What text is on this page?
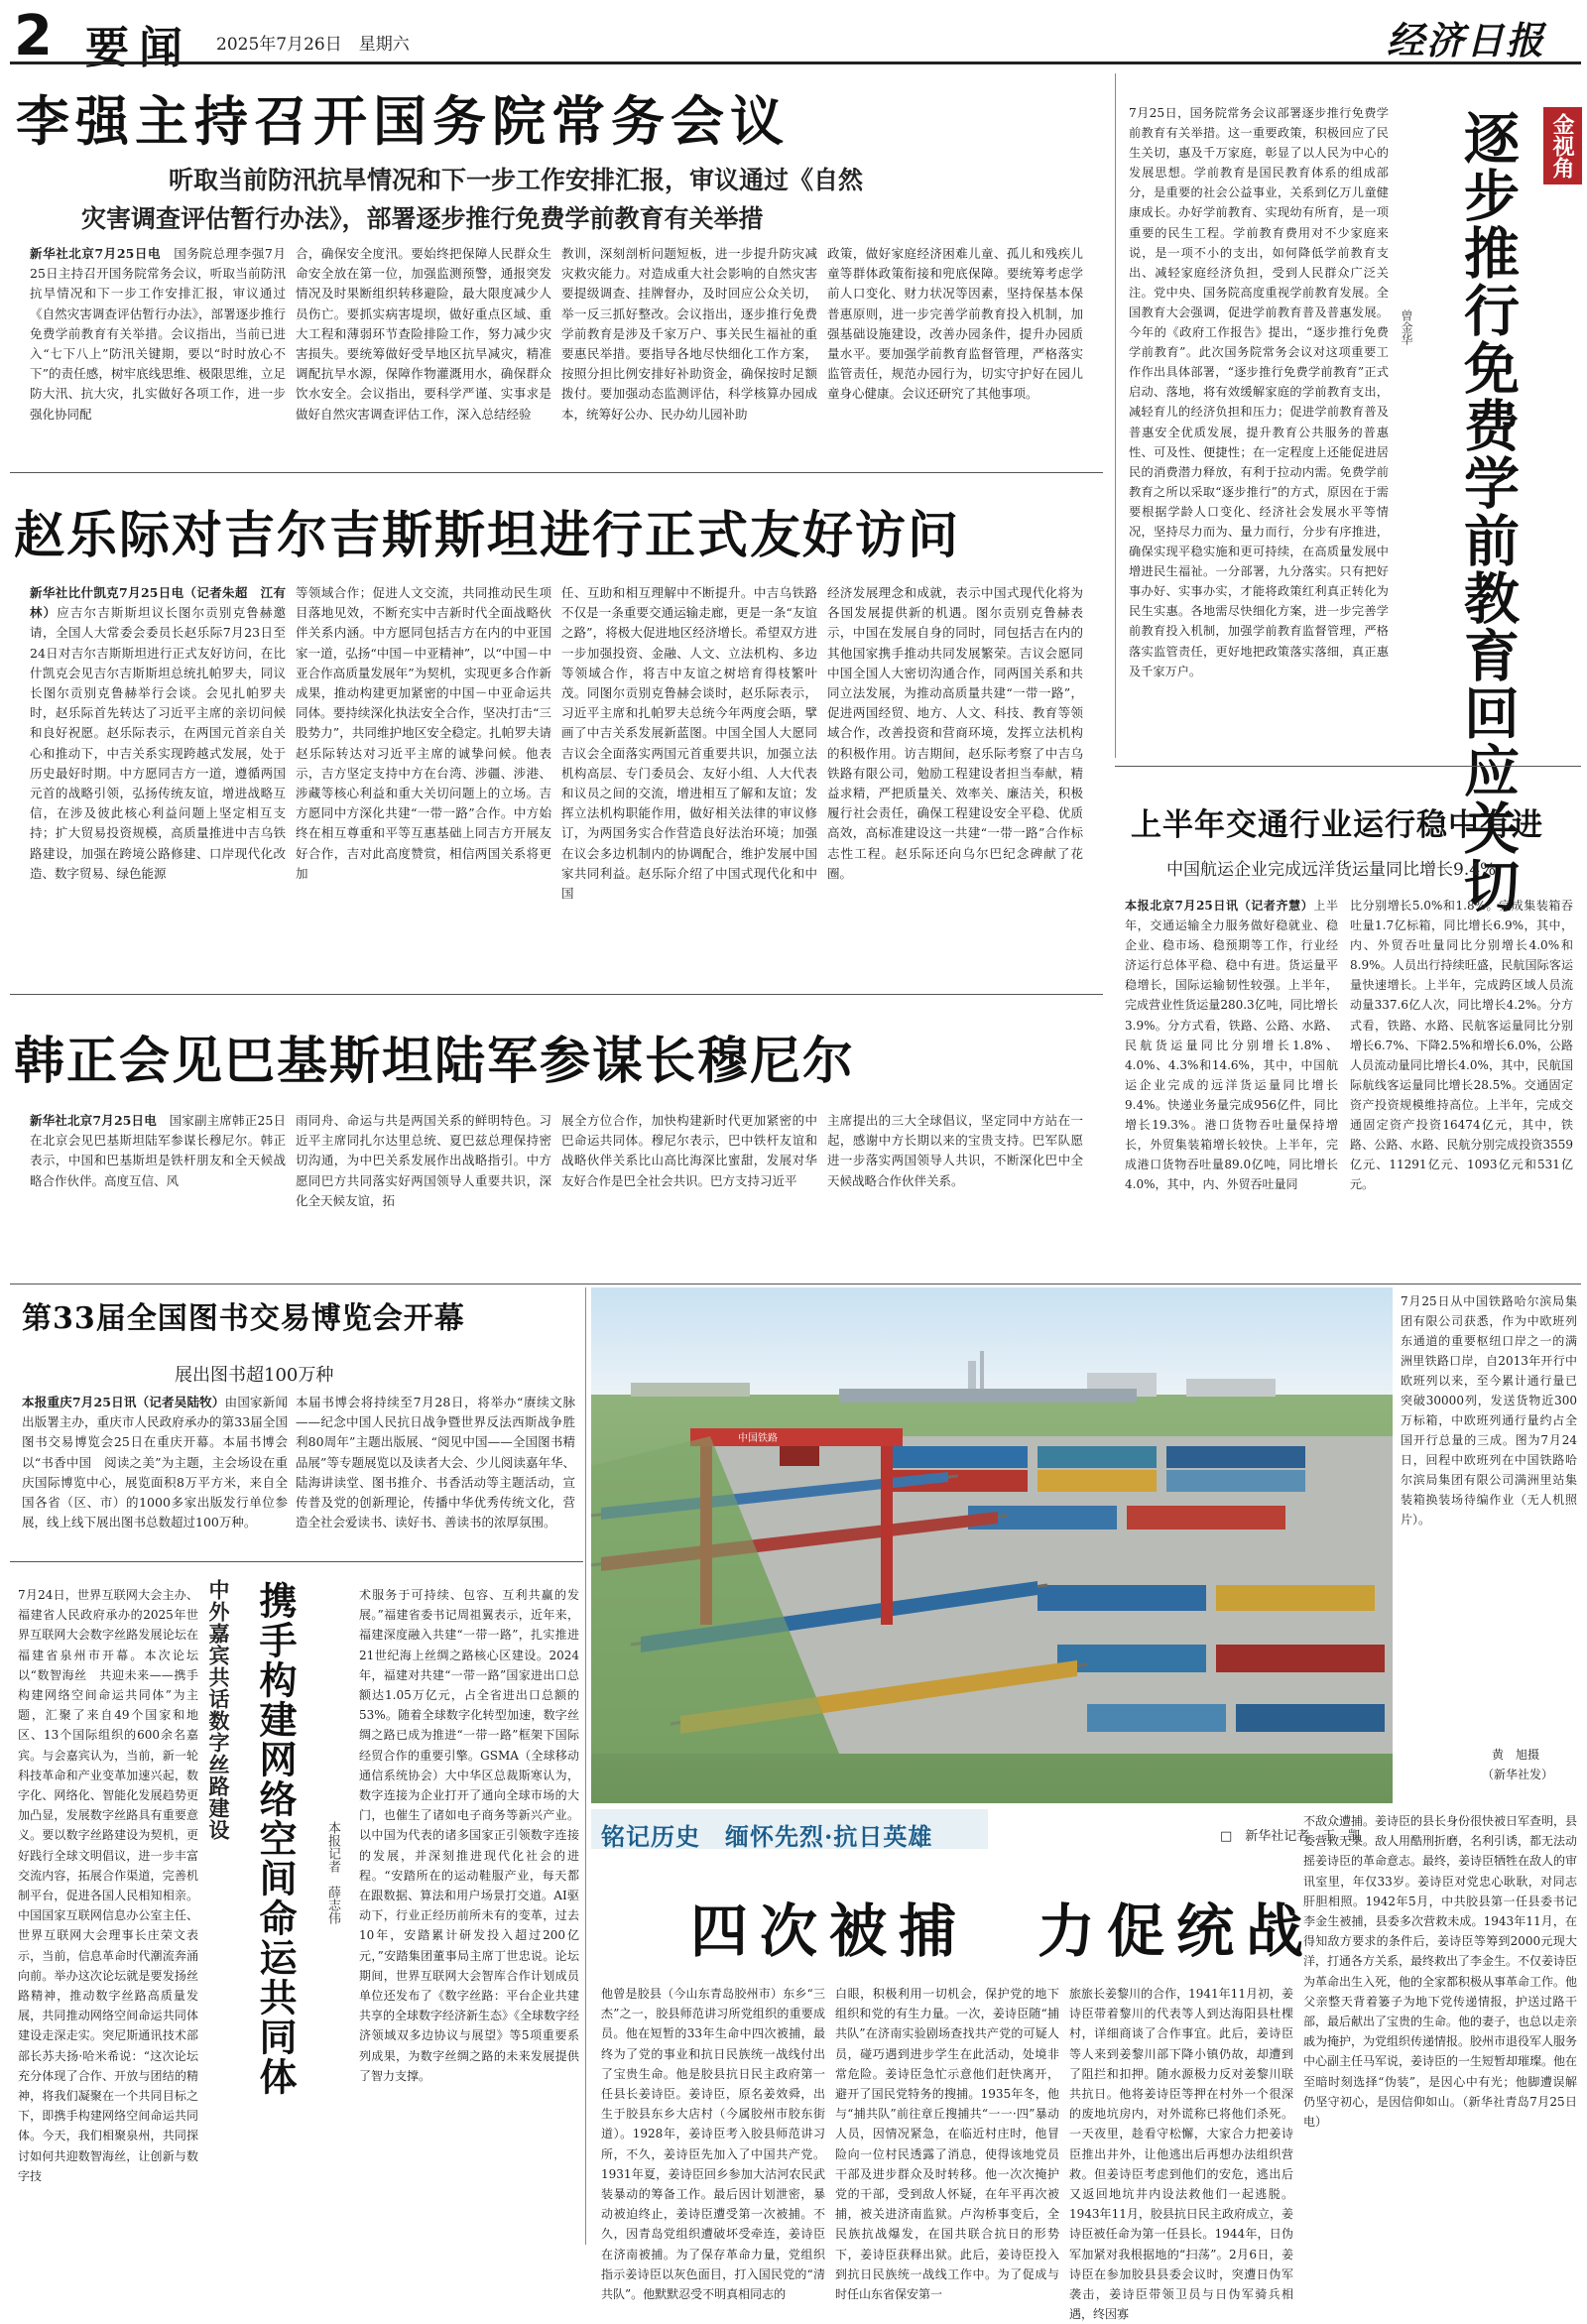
2 要闻 2025年7月26日　星期六	经济日报
李强主持召开国务院常务会议
听取当前防汛抗旱情况和下一步工作安排汇报，审议通过《自然
灾害调查评估暂行办法》，部署逐步推行免费学前教育有关举措
新华社北京7月25日电　 国务院总理李强7月25日主持召开国务院常务会议，听取当前防汛抗旱情况和下一步工作安排汇报，审议通过《自然灾害调查评估暂行办法》，部署逐步推行免费学前教育有关举措。会议指出，当前已进入“七下八上”防汛关键期，要以“时时放心不下”的责任感，树牢底线思维、极限思维，立足防大汛、抗大灾，扎实做好各项工作，进一步强化协同配
合，确保安全度汛。要始终把保障人民群众生命安全放在第一位，加强监测预警，通报突发情况及时果断组织转移避险，最大限度减少人员伤亡。要抓实病害堤坝，做好重点区域、重大工程和薄弱环节查险排险工作，努力减少灾害损失。要统筹做好受旱地区抗旱减灾，精准调配抗旱水源，保障作物灌溉用水，确保群众饮水安全。会议指出，要科学严谨、实事求是做好自然灾害调查评估工作，深入总结经验
教训，深刻剖析问题短板，进一步提升防灾减灾救灾能力。对造成重大社会影响的自然灾害要提级调查、挂牌督办，及时回应公众关切，举一反三抓好整改。会议指出，逐步推行免费学前教育是涉及千家万户、事关民生福祉的重要惠民举措。要指导各地尽快细化工作方案，按照分担比例安排好补助资金，确保按时足额拨付。要加强动态监测评估，科学核算办园成本，统筹好公办、民办幼儿园补助
政策，做好家庭经济困难儿童、孤儿和残疾儿童等群体政策衔接和兜底保障。要统筹考虑学前人口变化、财力状况等因素，坚持保基本保普惠原则，进一步完善学前教育投入机制，加强基础设施建设，改善办园条件，提升办园质量水平。要加强学前教育监督管理，严格落实监管责任，规范办园行为，切实守护好在园儿童身心健康。会议还研究了其他事项。
赵乐际对吉尔吉斯斯坦进行正式友好访问
新华社比什凯克7月25日电（记者朱超　江有林）应吉尔吉斯斯坦议长图尔贡别克鲁赫邀请，全国人大常委会委员长赵乐际7月23日至24日对吉尔吉斯斯坦进行正式友好访问，在比什凯克会见吉尔吉斯斯坦总统扎帕罗夫，同议长图尔贡别克鲁赫举行会谈。会见扎帕罗夫时，赵乐际首先转达了习近平主席的亲切问候和良好祝愿。赵乐际表示，在两国元首亲自关心和推动下，中吉关系实现跨越式发展，处于历史最好时期。中方愿同吉方一道，遵循两国元首的战略引领，弘扬传统友谊，增进战略互信，在涉及彼此核心利益问题上坚定相互支持；扩大贸易投资规模，高质量推进中吉乌铁路建设，加强在跨境公路修建、口岸现代化改造、数字贸易、绿色能源
等领域合作；促进人文交流，共同推动民生项目落地见效，不断充实中吉新时代全面战略伙伴关系内涵。中方愿同包括吉方在内的中亚国家一道，弘扬“中国－中亚精神”，以“中国－中亚合作高质量发展年”为契机，实现更多合作新成果，推动构建更加紧密的中国－中亚命运共同体。要持续深化执法安全合作，坚决打击“三股势力”，共同维护地区安全稳定。扎帕罗夫请赵乐际转达对习近平主席的诚挚问候。他表示，吉方坚定支持中方在台湾、涉疆、涉港、涉藏等核心利益和重大关切问题上的立场。吉方愿同中方深化共建“一带一路”合作。中方始终在相互尊重和平等互惠基础上同吉方开展友好合作，吉对此高度赞赏，相信两国关系将更加
任、互助和相互理解中不断提升。中吉乌铁路不仅是一条重要交通运输走廊，更是一条“友谊之路”，将极大促进地区经济增长。希望双方进一步加强投资、金融、人文、立法机构、多边等领域合作，将吉中友谊之树培育得枝繁叶茂。同图尔贡别克鲁赫会谈时，赵乐际表示，习近平主席和扎帕罗夫总统今年两度会晤，擘画了中吉关系发展新蓝图。中国全国人大愿同吉议会全面落实两国元首重要共识，加强立法机构高层、专门委员会、友好小组、人大代表和议员之间的交流，增进相互了解和友谊；发挥立法机构职能作用，做好相关法律的审议修订，为两国务实合作营造良好法治环境；加强在议会多边机制内的协调配合，维护发展中国家共同利益。赵乐际介绍了中国式现代化和中国
经济发展理念和成就，表示中国式现代化将为各国发展提供新的机遇。图尔贡别克鲁赫表示，中国在发展自身的同时，同包括吉在内的其他国家携手推动共同发展繁荣。吉议会愿同中国全国人大密切沟通合作，同两国关系和共同立法发展，为推动高质量共建“一带一路”，促进两国经贸、地方、人文、科技、教育等领域合作，改善投资和营商环境，发挥立法机构的积极作用。访吉期间，赵乐际考察了中吉乌铁路有限公司，勉励工程建设者担当奉献，精益求精，严把质量关、效率关、廉洁关，积极履行社会责任，确保工程建设安全平稳、优质高效，高标准建设这一共建“一带一路”合作标志性工程。赵乐际还向乌尔巴纪念碑献了花圈。
韩正会见巴基斯坦陆军参谋长穆尼尔
新华社北京7月25日电　 国家副主席韩正25日在北京会见巴基斯坦陆军参谋长穆尼尔。韩正表示，中国和巴基斯坦是铁杆朋友和全天候战略合作伙伴。高度互信、风
雨同舟、命运与共是两国关系的鲜明特色。习近平主席同扎尔达里总统、夏巴兹总理保持密切沟通，为中巴关系发展作出战略指引。中方愿同巴方共同落实好两国领导人重要共识，深化全天候友谊，拓
展全方位合作，加快构建新时代更加紧密的中巴命运共同体。穆尼尔表示，巴中铁杆友谊和战略伙伴关系比山高比海深比蜜甜，发展对华友好合作是巴全社会共识。巴方支持习近平
主席提出的三大全球倡议，坚定同中方站在一起，感谢中方长期以来的宝贵支持。巴军队愿进一步落实两国领导人共识，不断深化巴中全天候战略合作伙伴关系。
金视角
逐步推行免费学前教育回应关切
曾金华
7月25日，国务院常务会议部署逐步推行免费学前教育有关举措。这一重要政策，积极回应了民生关切，惠及千万家庭，彰显了以人民为中心的发展思想。学前教育是国民教育体系的组成部分，是重要的社会公益事业，关系到亿万儿童健康成长。办好学前教育、实现幼有所育，是一项重要的民生工程。学前教育费用对不少家庭来说，是一项不小的支出，如何降低学前教育支出、减轻家庭经济负担，受到人民群众广泛关注。党中央、国务院高度重视学前教育发展。全国教育大会强调，促进学前教育普及普惠发展。今年的《政府工作报告》提出，“逐步推行免费学前教育”。此次国务院常务会议对这项重要工作作出具体部署，“逐步推行免费学前教育”正式启动、落地，将有效缓解家庭的学前教育支出，减轻育儿的经济负担和压力；促进学前教育普及普惠安全优质发展，提升教育公共服务的普惠性、可及性、便捷性；在一定程度上还能促进居民的消费潜力释放，有利于拉动内需。免费学前教育之所以采取“逐步推行”的方式，原因在于需要根据学龄人口变化、经济社会发展水平等情况，坚持尽力而为、量力而行，分步有序推进，确保实现平稳实施和更可持续，在高质量发展中增进民生福祉。一分部署，九分落实。只有把好事办好、实事办实，才能将政策红利真正转化为民生实惠。各地需尽快细化方案，进一步完善学前教育投入机制，加强学前教育监督管理，严格落实监管责任，更好地把政策落实落细，真正惠及千家万户。
上半年交通行业运行稳中有进
中国航运企业完成远洋货运量同比增长9.4%
本报北京7月25日讯（记者齐慧）上半年，交通运输全力服务做好稳就业、稳企业、稳市场、稳预期等工作，行业经济运行总体平稳、稳中有进。货运量平稳增长，国际运输韧性较强。上半年，完成营业性货运量280.3亿吨，同比增长3.9%。分方式看，铁路、公路、水路、民航货运量同比分别增长1.8%、4.0%、4.3%和14.6%，其中，中国航运企业完成的远洋货运量同比增长9.4%。快递业务量完成956亿件，同比增长19.3%。港口货物吞吐量保持增长，外贸集装箱增长较快。上半年，完成港口货物吞吐量89.0亿吨，同比增长4.0%，其中，内、外贸吞吐量同
比分别增长5.0%和1.8%。完成集装箱吞吐量1.7亿标箱，同比增长6.9%，其中，内、外贸吞吐量同比分别增长4.0%和8.9%。人员出行持续旺盛，民航国际客运量快速增长。上半年，完成跨区域人员流动量337.6亿人次，同比增长4.2%。分方式看，铁路、水路、民航客运量同比分别增长6.7%、下降2.5%和增长6.0%，公路人员流动量同比增长4.0%，其中，民航国际航线客运量同比增长28.5%。交通固定资产投资规模维持高位。上半年，完成交通固定资产投资16474亿元，其中，铁路、公路、水路、民航分别完成投资3559亿元、11291亿元、1093亿元和531亿元。
第33届全国图书交易博览会开幕
展出图书超100万种
本报重庆7月25日讯（记者吴陆牧）由国家新闻出版署主办，重庆市人民政府承办的第33届全国图书交易博览会25日在重庆开幕。本届书博会以“书香中国　阅读之美”为主题，主会场设在重庆国际博览中心，展览面积8万平方米，来自全国各省（区、市）的1000多家出版发行单位参展，线上线下展出图书总数超过100万种。
本届书博会将持续至7月28日，将举办“赓续文脉——纪念中国人民抗日战争暨世界反法西斯战争胜利80周年”主题出版展、“阅见中国——全国图书精品展”等专题展览以及读者大会、少儿阅读嘉年华、陆海讲读堂、图书推介、书香活动等主题活动，宣传普及党的创新理论，传播中华优秀传统文化，营造全社会爱读书、读好书、善读书的浓厚氛围。
中外嘉宾共话数字丝路建设 携手构建网络空间命运共同体	本报记者　薛志伟
7月24日，世界互联网大会主办、福建省人民政府承办的2025年世界互联网大会数字丝路发展论坛在福建省泉州市开幕。本次论坛以“数智海丝　共迎未来——携手构建网络空间命运共同体”为主题，汇聚了来自49个国家和地区、13个国际组织的600余名嘉宾。与会嘉宾认为，当前，新一轮科技革命和产业变革加速兴起，数字化、网络化、智能化发展趋势更加凸显，发展数字丝路具有重要意义。要以数字丝路建设为契机，更好践行全球文明倡议，进一步丰富交流内容，拓展合作渠道，完善机制平台，促进各国人民相知相亲。中国国家互联网信息办公室主任、世界互联网大会理事长庄荣文表示，当前，信息革命时代潮流奔涌向前。举办这次论坛就是要发扬丝路精神，推动数字丝路高质量发展，共同推动网络空间命运共同体建设走深走实。突尼斯通讯技术部部长苏夫扬·哈米希说：“这次论坛充分体现了合作、开放与团结的精神，将我们凝聚在一个共同目标之下，即携手构建网络空间命运共同体。今天，我们相聚泉州，共同探讨如何共迎数智海丝，让创新与数字技
术服务于可持续、包容、互利共赢的发展。”福建省委书记周祖翼表示，近年来，福建深度融入共建“一带一路”，扎实推进21世纪海上丝绸之路核心区建设。2024年，福建对共建“一带一路”国家进出口总额达1.05万亿元，占全省进出口总额的53%。随着全球数字化转型加速，数字丝绸之路已成为推进“一带一路”框架下国际经贸合作的重要引擎。GSMA（全球移动通信系统协会）大中华区总裁斯寒认为，数字连接为企业打开了通向全球市场的大门，也催生了诸如电子商务等新兴产业。以中国为代表的诸多国家正引领数字连接的发展，并深刻推进现代化社会的进程。“安踏所在的运动鞋服产业，每天都在跟数据、算法和用户场景打交道。AI驱动下，行业正经历前所未有的变革，过去10年，安踏累计研发投入超过200亿元，”安踏集团董事局主席丁世忠说。论坛期间，世界互联网大会智库合作计划成员单位还发布了《数字丝路：平台企业共建共享的全球数字经济新生态》《全球数字经济领域双多边协议与展望》等5项重要系列成果，为数字丝绸之路的未来发展提供了智力支撑。
中国铁路
7月25日从中国铁路哈尔滨局集团有限公司获悉，作为中欧班列东通道的重要枢纽口岸之一的满洲里铁路口岸，自2013年开行中欧班列以来，至今累计通行量已突破30000列，发送货物近300万标箱，中欧班列通行量约占全国开行总量的三成。图为7月24日，回程中欧班列在中国铁路哈尔滨局集团有限公司满洲里站集装箱换装场待编作业（无人机照片）。
黄　旭摄
（新华社发）
铭记历史　缅怀先烈·抗日英雄	□　新华社记者　王　凯
四次被捕　力促统战
他曾是胶县（今山东青岛胶州市）东乡“三杰”之一，胶县师范讲习所党组织的重要成员。他在短暂的33年生命中四次被捕，最终为了党的事业和抗日民族统一战线付出了宝贵生命。他是胶县抗日民主政府第一任县长姜诗臣。姜诗臣，原名姜效舜，出生于胶县东乡大店村（今属胶州市胶东街道）。1928年，姜诗臣考入胶县师范讲习所，不久，姜诗臣先加入了中国共产党。1931年夏，姜诗臣回乡参加大沽河农民武装暴动的筹备工作。最后因计划泄密，暴动被迫终止，姜诗臣遭受第一次被捕。不久，因青岛党组织遭破坏受牵连，姜诗臣在济南被捕。为了保存革命力量，党组织指示姜诗臣以灰色面目，打入国民党的“清共队”。他默默忍受不明真相同志的
白眼，积极利用一切机会，保护党的地下组织和党的有生力量。一次，姜诗臣随“捕共队”在济南实验剧场查找共产党的可疑人员，碰巧遇到进步学生在此活动，处境非常危险。姜诗臣急忙示意他们赶快离开，避开了国民党特务的搜捕。1935年冬，他与“捕共队”前往章丘搜捕共“一一·四”暴动人员，因情况紧急，在临近村庄时，他冒险向一位村民透露了消息，使得该地党员干部及进步群众及时转移。他一次次掩护党的干部，受到敌人怀疑，在年平再次被捕，被关进济南监狱。卢沟桥事变后，全民族抗战爆发，在国共联合抗日的形势下，姜诗臣获释出狱。此后，姜诗臣投入到抗日民族统一战线工作中。为了促成与时任山东省保安第一
旅旅长姜黎川的合作，1941年11月初，姜诗臣带着黎川的代表等人到达海阳县杜棵村，详细商谈了合作事宜。此后，姜诗臣等人来到姜黎川部下降小镇仍故，却遭到了阻拦和扣押。随水源极力反对姜黎川联共抗日。他将姜诗臣等押在村外一个很深的废地坑房内，对外谎称已将他们杀死。一天夜里，趁看守松懈，大家合力把姜诗臣推出井外，让他逃出后再想办法组织营救。但姜诗臣考虑到他们的安危，逃出后又返回地坑井内设法救他们一起逃脱。1943年11月，胶县抗日民主政府成立，姜诗臣被任命为第一任县长。1944年，日伪军加紧对我根据地的“扫荡”。2月6日，姜诗臣在参加胶县县委会议时，突遭日伪军袭击，姜诗臣带领卫员与日伪军骑兵相遇，终因寡
不敌众遭捕。姜诗臣的县长身份很快被日军查明，县委营救无果。敌人用酷刑折磨，名利引诱，都无法动摇姜诗臣的革命意志。最终，姜诗臣牺牲在敌人的审讯室里，年仅33岁。姜诗臣对党忠心耿耿，对同志肝胆相照。1942年5月，中共胶县第一任县委书记李金生被捕，县委多次营救未成。1943年11月，在得知敌方要求的条件后，姜诗臣等筹到2000元现大洋，打通各方关系，最终救出了李金生。不仅姜诗臣为革命出生入死，他的全家都积极从事革命工作。他父亲整天背着篓子为地下党传递情报，护送过路干部，最后献出了宝贵的生命。他的妻子，也总以走亲戚为掩护，为党组织传递情报。胶州市退役军人服务中心副主任马军说，姜诗臣的一生短暂却璀璨。他在至暗时刻选择“伪装”，是因心中有光；他脚遭误解仍坚守初心，是因信仰如山。（新华社青岛7月25日电）
